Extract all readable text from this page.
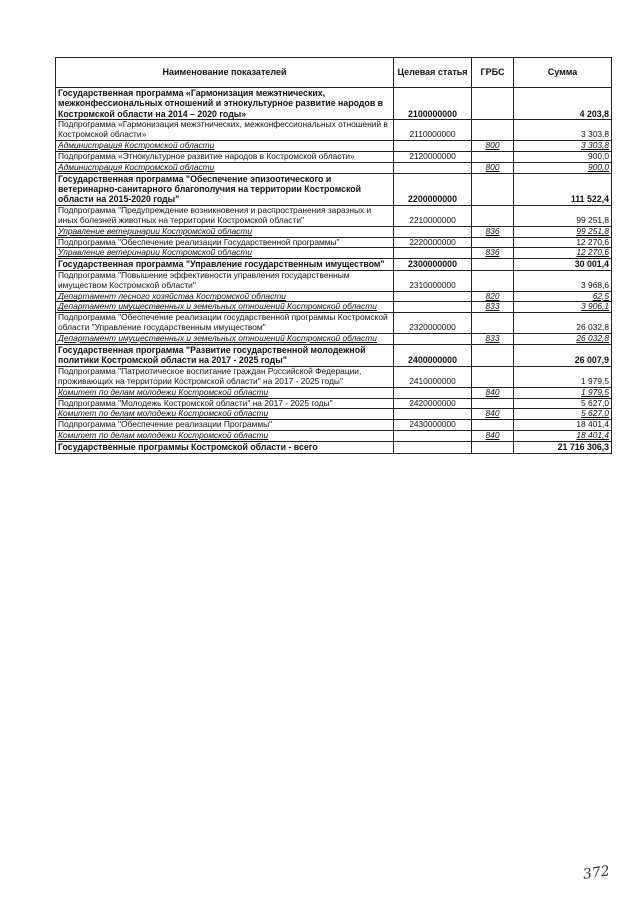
Наименование показателей	Целевая статья	ГРБС	Сумма
Государственная программа «Гармонизация межэтнических, межконфессиональных отношений и этнокультурное развитие народов в Костромской области на 2014 – 2020 годы»	2100000000		4 203,8
Подпрограмма «Гармонизация межэтнических, межконфессиональных отношений в Костромской области»	2110000000		3 303,8
Администрация Костромской области		800	3 303,8
Подпрограмма «Этнокультурное развитие народов в Костромской области»	2120000000		900,0
Администрация Костромской области		800	900,0
Государственная программа "Обеспечение эпизоотического и ветеринарно-санитарного благополучия на территории Костромской области на 2015-2020 годы"	2200000000		111 522,4
Подпрограмма "Предупреждение возникновения и распространения заразных и иных болезней животных на территории Костромской области"	2210000000		99 251,8
Управление ветеринарии Костромской области		836	99 251,8
Подпрограмма "Обеспечение реализации Государственной программы"	2220000000		12 270,6
Управление ветеринарии Костромской области		836	12 270,6
Государственная программа "Управление государственным имуществом"	2300000000		30 001,4
Подпрограмма "Повышение эффективности управления государственным имуществом Костромской области"	2310000000		3 968,6
Департамент лесного хозяйства Костромской области		820	62,5
Департамент имущественных и земельных отношений Костромской области		833	3 906,1
Подпрограмма "Обеспечение реализации государственной программы Костромской области "Управление государственным имуществом"	2320000000		26 032,8
Департамент имущественных и земельных отношений Костромской области		833	26 032,8
Государственная программа "Развитие государственной молодежной политики Костромской области на 2017 - 2025 годы"	2400000000		26 007,9
Подпрограмма "Патриотическое воспитание граждан Российской Федерации, проживающих на территории Костромской области" на 2017 - 2025 годы"	2410000000		1 979,5
Комитет по делам молодежи Костромской области		840	1 979,5
Подпрограмма "Молодежь Костромской области" на 2017 - 2025 годы"	2420000000		5 627,0
Комитет по делам молодежи Костромской области		840	5 627,0
Подпрограмма "Обеспечение реализации Программы"	2430000000		18 401,4
Комитет по делам молодежи Костромской области		840	18 401,4
Государственные программы Костромской области - всего			21 716 306,3
372
